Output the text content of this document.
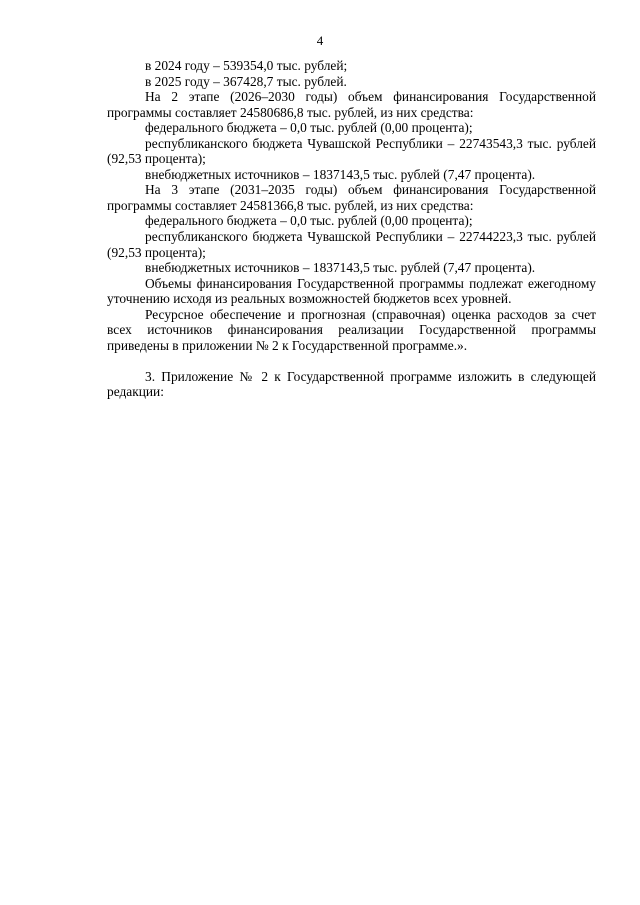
4

в 2024 году – 539354,0 тыс. рублей;

в 2025 году – 367428,7 тыс. рублей.

На 2 этапе (2026–2030 годы) объем финансирования Государственной программы составляет 24580686,8 тыс. рублей, из них средства:

федерального бюджета – 0,0 тыс. рублей (0,00 процента);

республиканского бюджета Чувашской Республики – 22743543,3 тыс. рублей (92,53 процента);

внебюджетных источников – 1837143,5 тыс. рублей (7,47 процента).

На 3 этапе (2031–2035 годы) объем финансирования Государственной программы составляет 24581366,8 тыс. рублей, из них средства:

федерального бюджета – 0,0 тыс. рублей (0,00 процента);

республиканского бюджета Чувашской Республики – 22744223,3 тыс. рублей (92,53 процента);

внебюджетных источников – 1837143,5 тыс. рублей (7,47 процента).

Объемы финансирования Государственной программы подлежат ежегодному уточнению исходя из реальных возможностей бюджетов всех уровней.

Ресурсное обеспечение и прогнозная (справочная) оценка расходов за счет всех источников финансирования реализации Государственной программы приведены в приложении № 2 к Государственной программе.».

3. Приложение № 2 к Государственной программе изложить в следующей редакции:
